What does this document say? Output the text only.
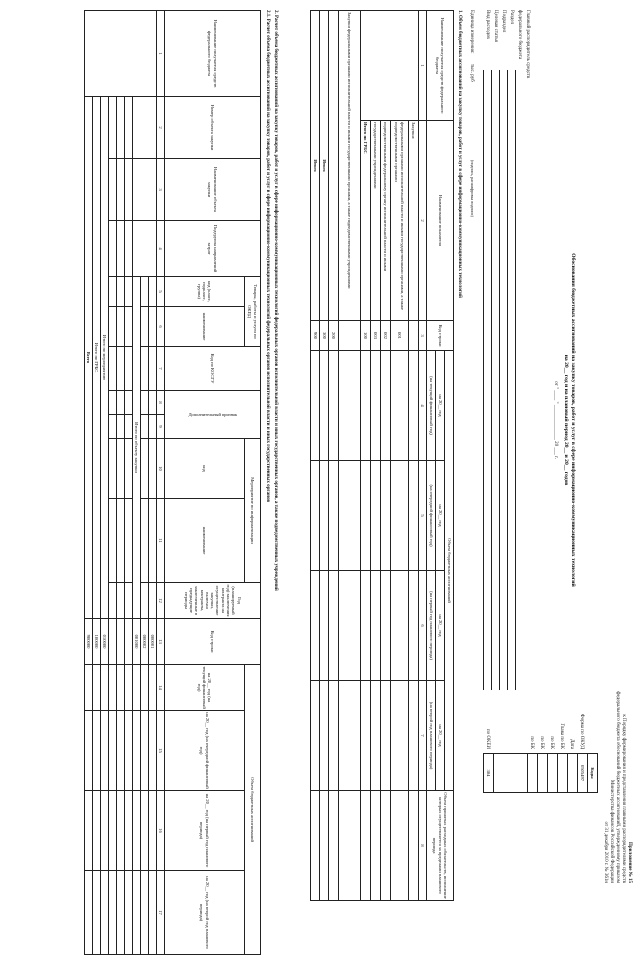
Приложение № 15
к Порядку формирования и представления главными распорядителями средств
федерального бюджета обоснований бюджетных ассигнований, утвержденному приказом
Министерства финансов Российской Федерации
от 31 декабря 2010 г. № 361н
Обоснования бюджетных ассигнований на закупку товаров, работ и услуг в сфере информационно-коммуникационных технологий
на 20__ год и на плановый период 20__ и 20__ годов
от " ____ " ______________ 20 ___ г.
Форма по ОКУД
Дата
Глава по БК
по БК
по БК
по БК
по ОКЕИ
Коды
0505497

384
Главный распорядитель средств
федерального бюджета
Раздел
Подраздел
Целевая статья
Вид расходов
Единица измерения:
тыс. руб
(подпись, расшифровка подписи)
1. Объем бюджетных ассигнований на закупку товаров, работ и услуг в сфере информационно-коммуникационных технологий
Наименование получателя средств федерального бюджета	Наименование показателя	Код строки	Объем бюджетных ассигнований				Объем принятых расходных обязательств, исполнение которых осуществляется за пределами планового периода
			на 20__ год	на 20__ год	на 20__ год	на 20__ год	
			(на текущий финансовый год)	(на очередной финансовый год)	(на первый год планового периода)	(на второй год планового периода)	
1	2	3	4	5	6	7	8
	Закупки:						
	федеральными органами исполнительной власти и иными государственными органами, а также подведомственными органами	001					
	подведомственными федеральному органу исполнительной власти и иными	002					
	государственными учреждениями	003					
	Итого по ГРБС	100					
Закупки федеральными органами исполнительной власти и иными государственными органами, а также подведомственными учреждениями							
		200					
Итого		300					
Итого		900					
2. Расчет объема бюджетных ассигнований на закупку товаров, работ и услуг в сфере информационно-коммуникационных технологий федеральных органов исполнительной власти и иных государственных органов, а также подведомственных учреждений
2.1. Расчет объема бюджетных ассигнований на закупку товаров, работ и услуг в сфере информационно-коммуникационных технологий федеральных органов исполнительной власти и иных государственных органов
Наименование получателя средств федерального бюджета	Номер объекта закупки	Наименование объекта закупки	Подгруппа направлений затрат	Товары, работы и услуги по ОКПД		Код по КОСГУ	Дополнительный признак		Мероприятие по информатизации		Год (планируемый год) заключения контракта на осуществление закупки, включая контракты, заключенные в предыдущие периоды	Код строки	Объем бюджетных ассигнований	
				код (класс, подкласс, группа)	наименование				код	наименование			на 20__ год (на текущий финансовый год)	на 20__ год (на очередной финансовый год)	на 20__ год (на первый год планового периода)	на 20__ год (на второй год планового периода)	

1	2	3	4	5	6	7	8	9	10	11	12	13	14	15	16	17	
												000001					
												000002					
				Итого по объекту закупки								001000					

	Итого по мероприятию											010000					
	Итого по ГРБС											100000					
	Всего											900000					
